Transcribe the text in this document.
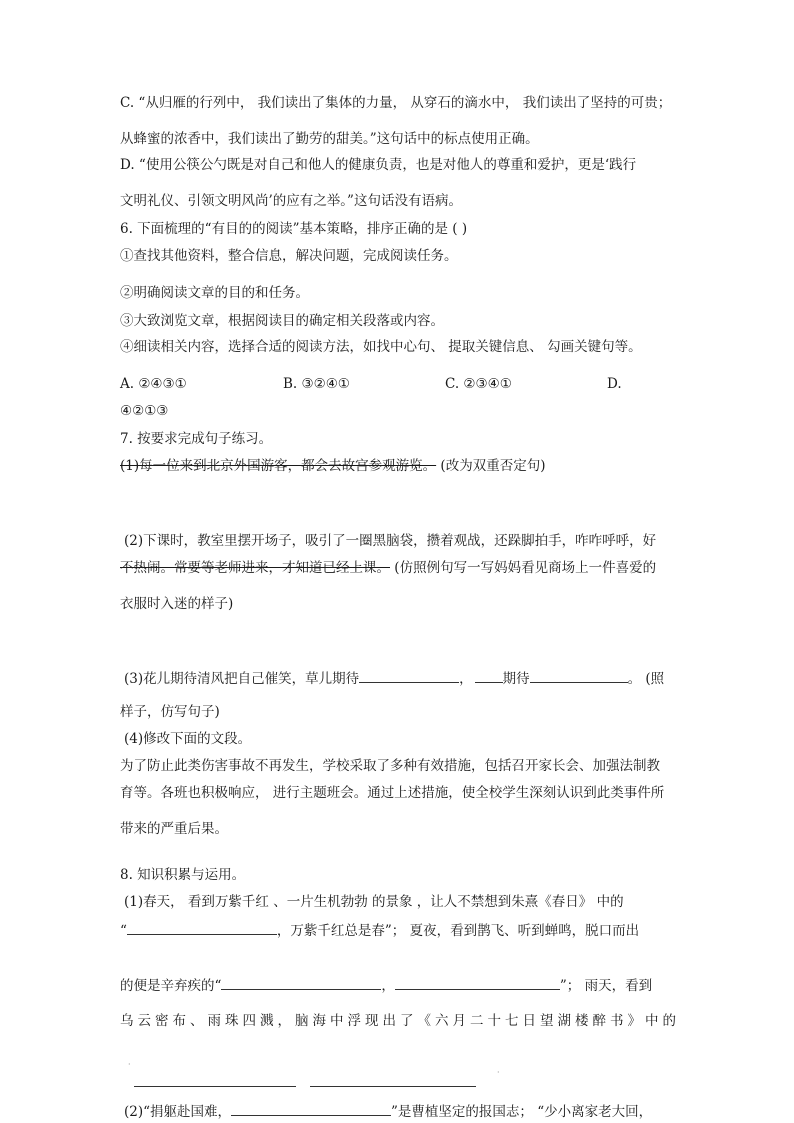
C. “从归雁的行列中， 我们读出了集体的力量， 从穿石的滴水中， 我们读出了坚持的可贵；
从蜂蜜的浓香中，我们读出了勤劳的甜美。”这句话中的标点使用正确。
D. “使用公筷公勺既是对自己和他人的健康负责，也是对他人的尊重和爱护，更是‘践行
文明礼仪、引领文明风尚’的应有之举。”这句话没有语病。
6. 下面梳理的“有目的的阅读”基本策略，排序正确的是 ( )
①查找其他资料，整合信息，解决问题，完成阅读任务。
②明确阅读文章的目的和任务。
③大致浏览文章，根据阅读目的确定相关段落或内容。
④细读相关内容，选择合适的阅读方法，如找中心句、 提取关键信息、 勾画关键句等。
A. ②④③①	B. ③②④①	C. ②③④①	D.
④②①③
7. 按要求完成句子练习。
(1)每一位来到北京外国游客，都会去故宫参观游览。 (改为双重否定句)
(2)下课时，教室里摆开场子，吸引了一圈黑脑袋，攒着观战，还跺脚拍手，咋咋呼呼，好
不热闹。常要等老师进来，才知道已经上课。 (仿照例句写一写妈妈看见商场上一件喜爱的
衣服时入迷的样子)
(3)花儿期待清风把自己催笑，草儿期待	， 期待	。 (照
样子，仿写句子)
(4)修改下面的文段。
为了防止此类伤害事故不再发生，学校采取了多种有效措施，包括召开家长会、加强法制教
育等。各班也积极响应， 进行主题班会。通过上述措施，使全校学生深刻认识到此类事件所
带来的严重后果。
8. 知识积累与运用。
(1)春天， 看到万紫千红 、一片生机勃勃 的景象 ，让人不禁想到朱熹《春日》 中的
“	，万紫千红总是春”； 夏夜，看到鹊飞、听到蝉鸣，脱口而出
的便是辛弃疾的“	，	”； 雨天，看到
乌 云 密 布 、 雨 珠 四 溅 ， 脑 海 中 浮 现 出 了 《 六 月 二 十 七 日 望 湖 楼 醉 书 》 中 的
·
·
(2)“捐躯赴国难，	”是曹植坚定的报国志； “少小离家老大回，
